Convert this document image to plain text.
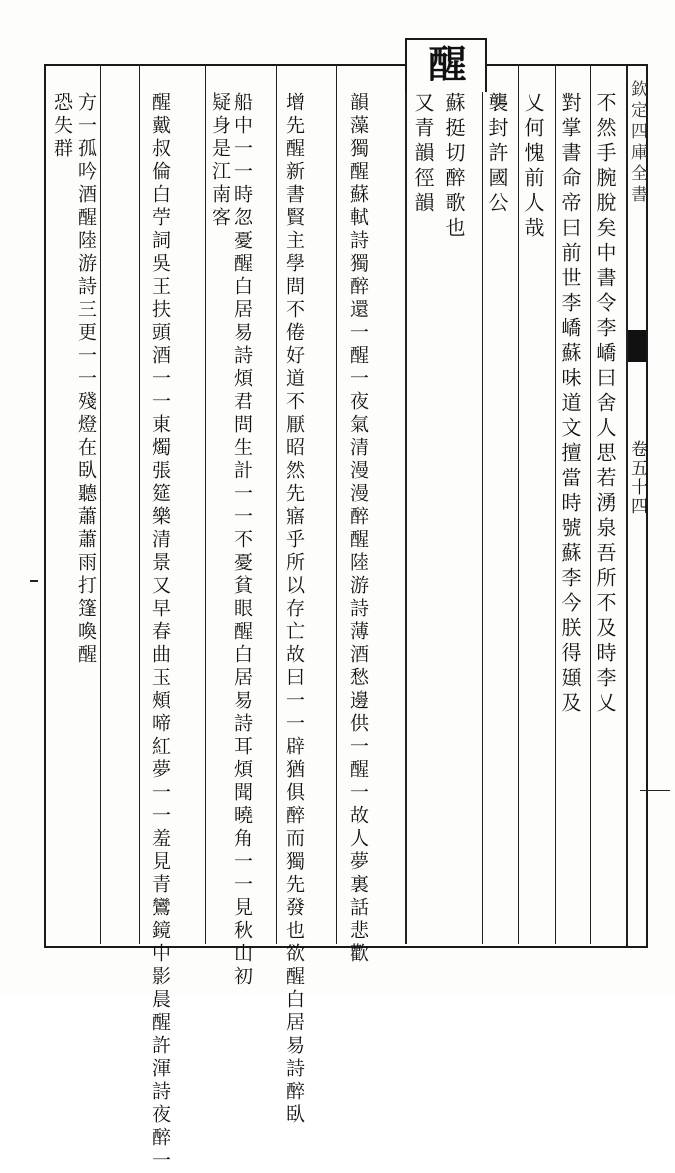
欽定四庫全書
卷五十四
醒
不然手腕脫矣中書令李嶠曰舍人思若湧泉吾所不及時李乂
對掌書命帝曰前世李嶠蘇味道文擅當時號蘇李今朕得頲及
乂何愧前人哉
襲封許國公
蘇挺切醉歌也
又青韻徑韻
韻藻獨醒蘇軾詩獨醉還一醒一夜氣清漫漫醉醒陸游詩薄酒愁邊供一醒一故人夢裏話悲歡
增先醒新書賢主學問不倦好道不厭昭然先寤乎所以存亡故曰一一辟猶俱醉而獨先發也欲醒白居易詩醉臥
船中一一時忽憂醒白居易詩煩君問生計一一不憂貧眼醒白居易詩耳煩聞曉角一一見秋山初
疑身是江南客
醒戴叔倫白苧詞吳王扶頭酒一一東燭張筵樂清景又早春曲玉頰啼紅夢一一羞見青鸞鏡中影晨醒許渾詩夜醉一
方一孤吟酒醒陸游詩三更一一殘燈在臥聽蕭蕭雨打篷喚醒
恐失群
